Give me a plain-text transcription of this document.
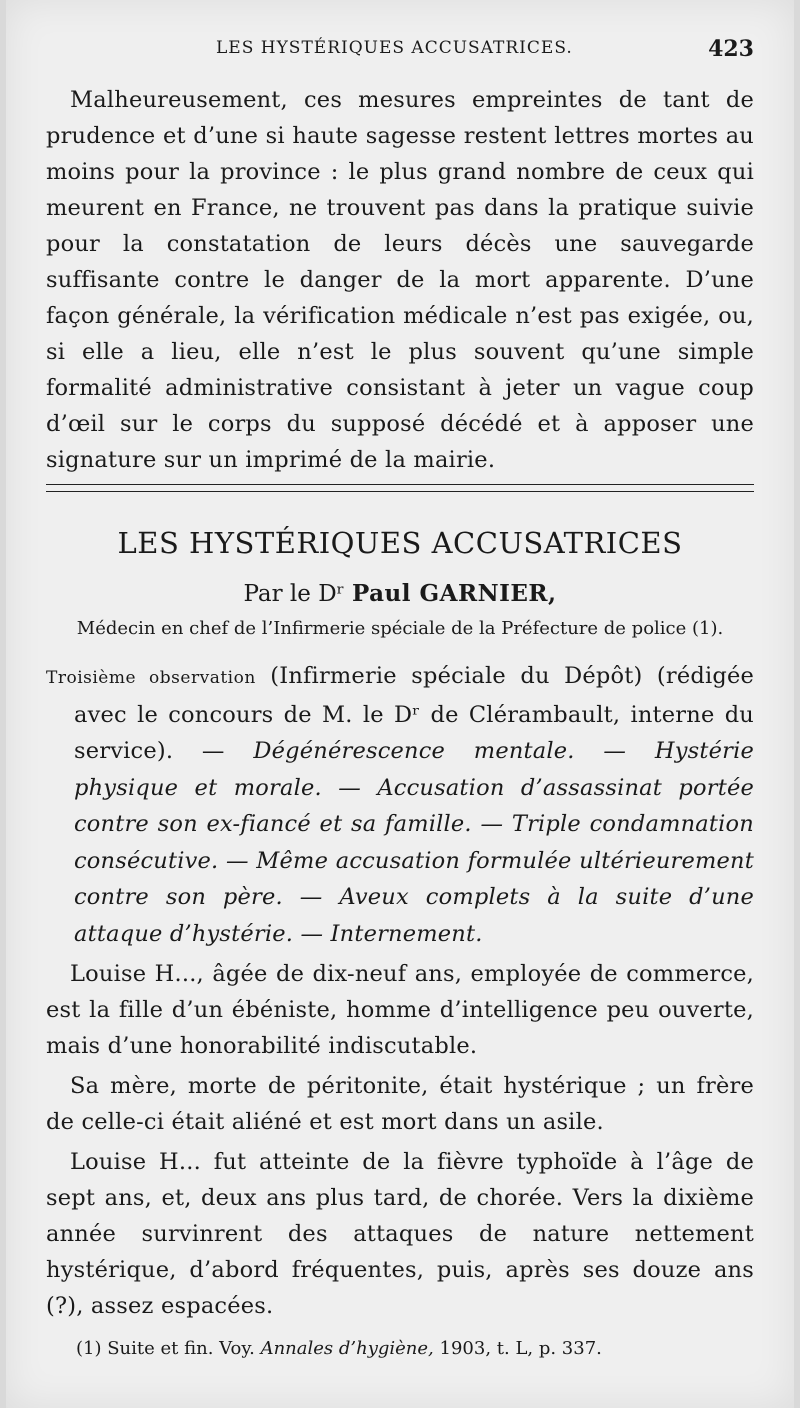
LES HYSTÉRIQUES ACCUSATRICES.	423

Malheureusement, ces mesures empreintes de tant de prudence et d’une si haute sagesse restent lettres mortes au moins pour la province : le plus grand nombre de ceux qui meurent en France, ne trouvent pas dans la pratique suivie pour la constatation de leurs décès une sauvegarde suffisante contre le danger de la mort apparente. D’une façon générale, la vérification médicale n’est pas exigée, ou, si elle a lieu, elle n’est le plus souvent qu’une simple formalité administrative consistant à jeter un vague coup d’œil sur le corps du supposé décédé et à apposer une signature sur un imprimé de la mairie.

LES HYSTÉRIQUES ACCUSATRICES
Par le Dʳ Paul GARNIER,
Médecin en chef de l’Infirmerie spéciale de la Préfecture de police (1).

Troisième observation (Infirmerie spéciale du Dépôt) (rédigée avec le concours de M. le Dʳ de Clérambault, interne du service). — Dégénérescence mentale. — Hystérie physique et morale. — Accusation d’assassinat portée contre son ex-fiancé et sa famille. — Triple condamnation consécutive. — Même accusation formulée ultérieurement contre son père. — Aveux complets à la suite d’une attaque d’hystérie. — Internement.

Louise H..., âgée de dix-neuf ans, employée de commerce, est la fille d’un ébéniste, homme d’intelligence peu ouverte, mais d’une honorabilité indiscutable.

Sa mère, morte de péritonite, était hystérique ; un frère de celle-ci était aliéné et est mort dans un asile.

Louise H... fut atteinte de la fièvre typhoïde à l’âge de sept ans, et, deux ans plus tard, de chorée. Vers la dixième année survinrent des attaques de nature nettement hystérique, d’abord fréquentes, puis, après ses douze ans (?), assez espacées.

(1) Suite et fin. Voy. Annales d’hygiène, 1903, t. L, p. 337.
